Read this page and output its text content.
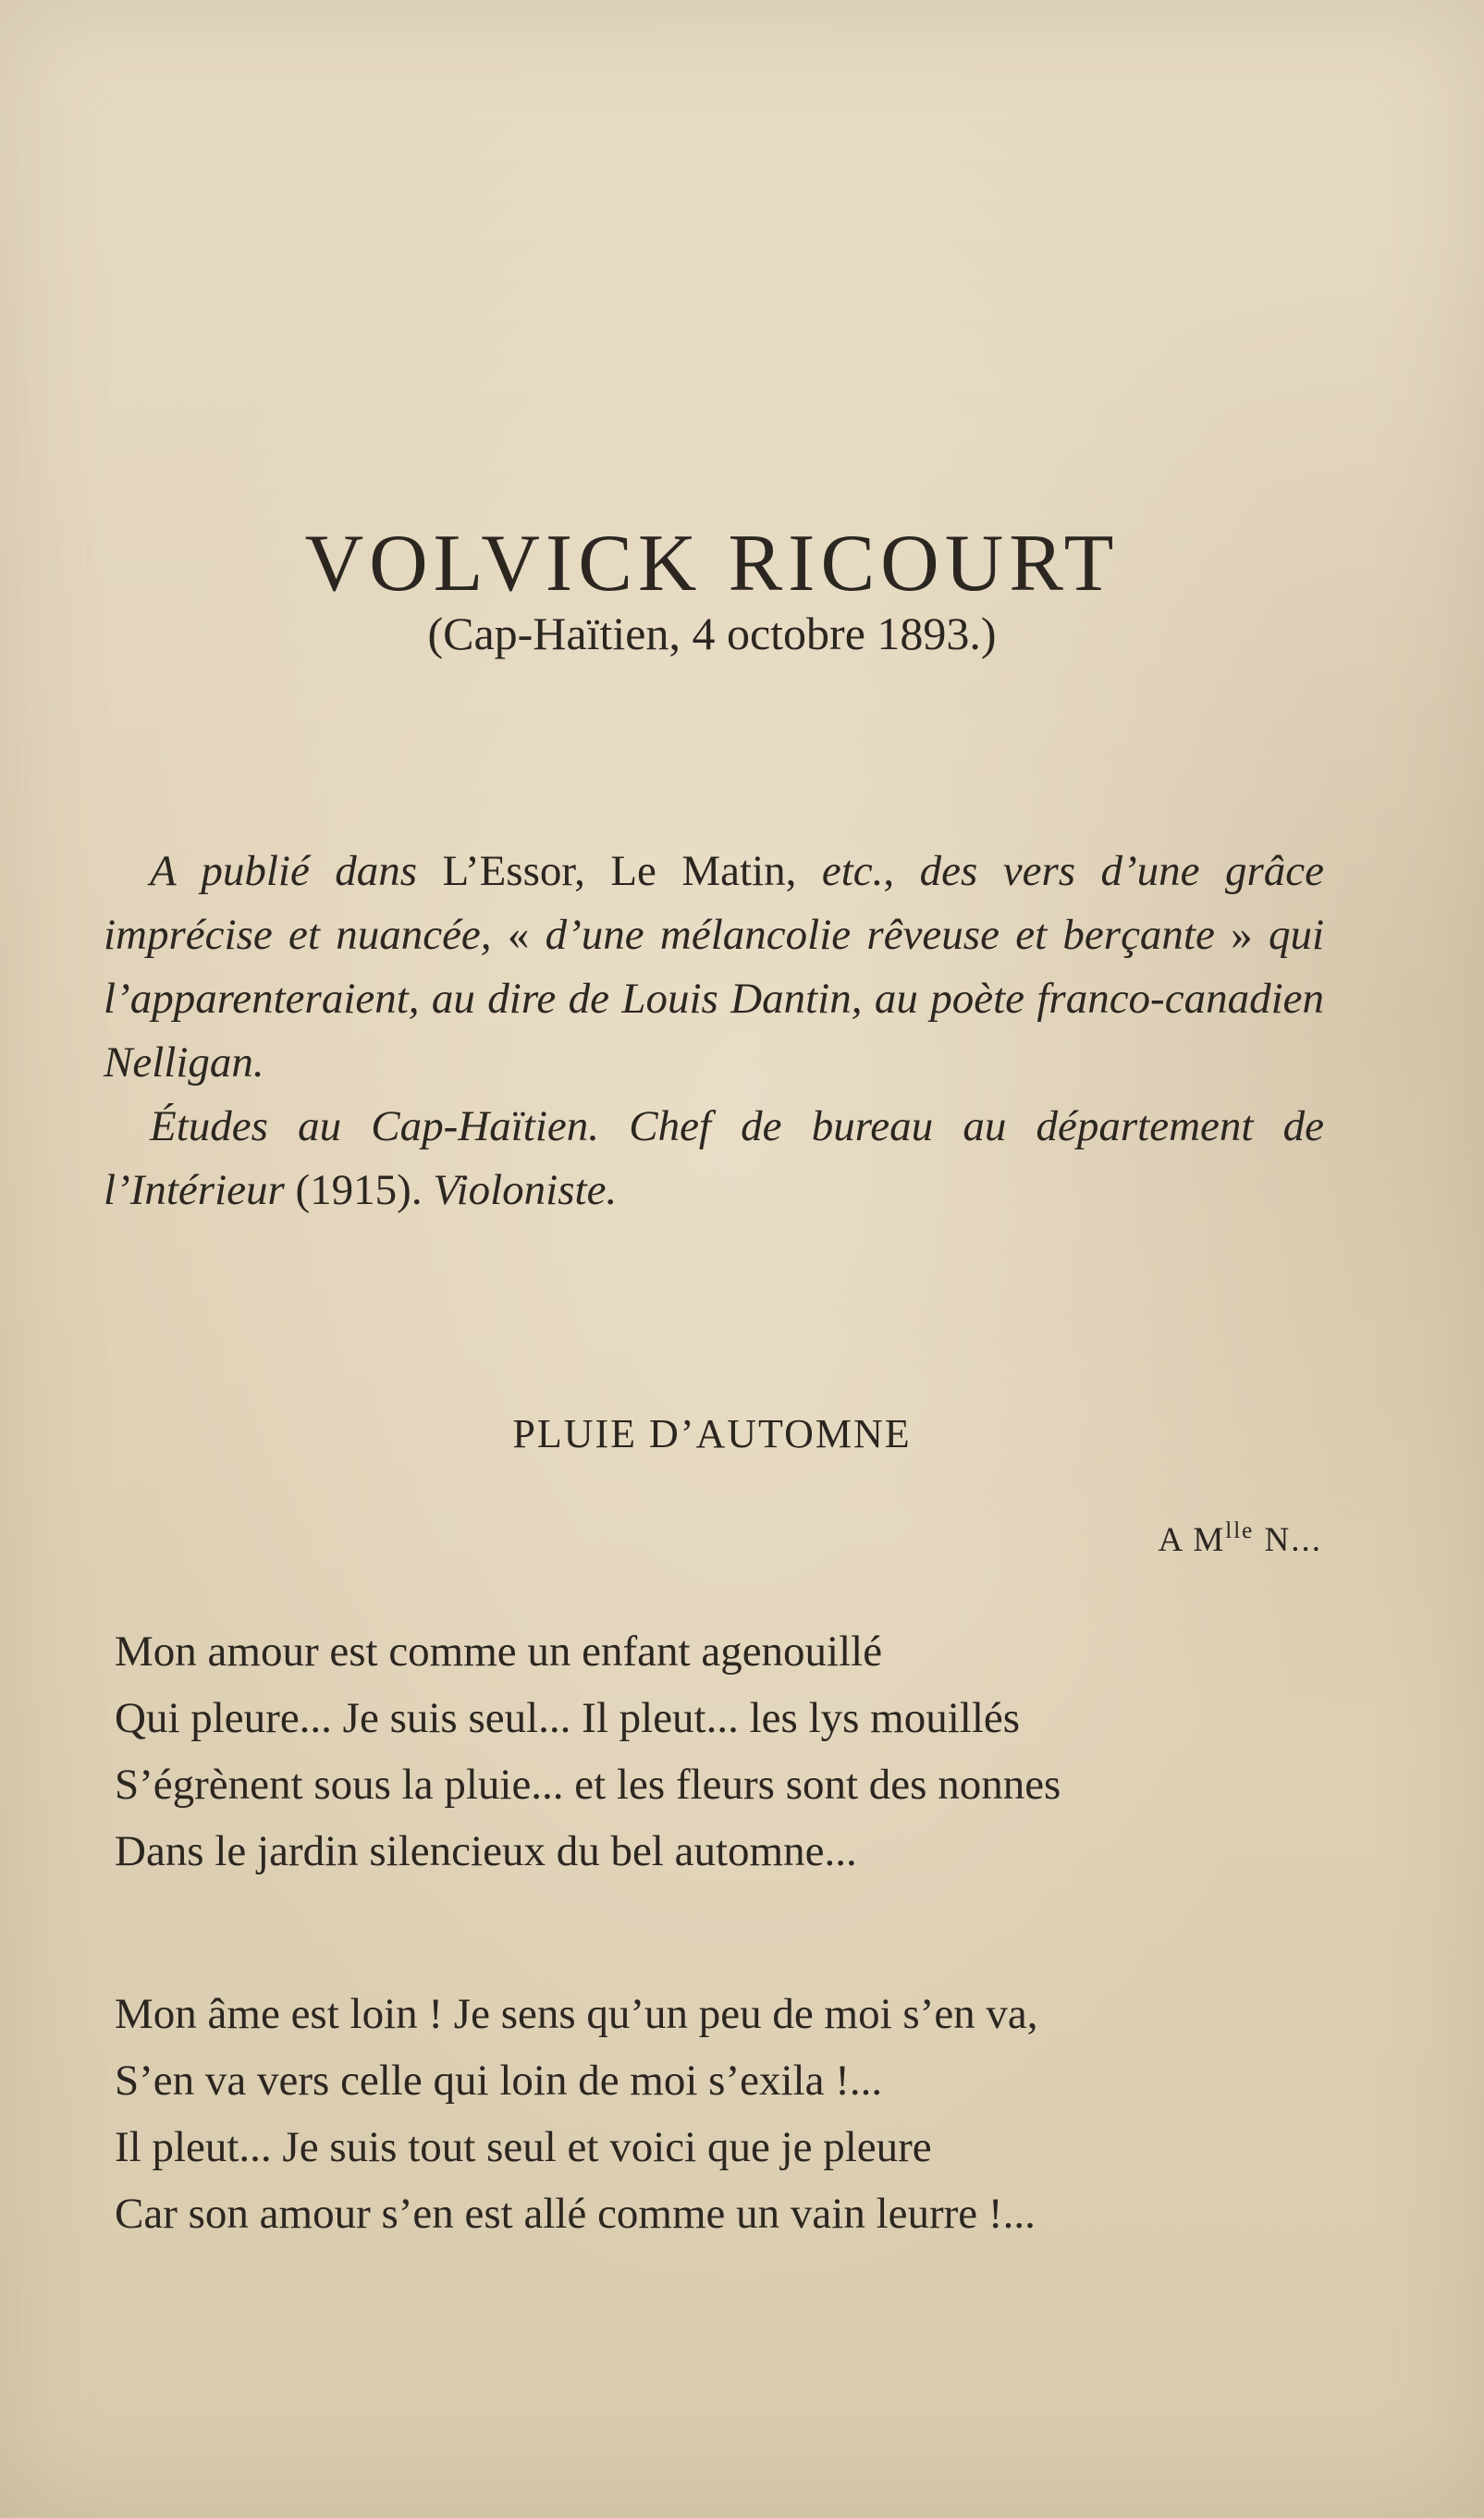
VOLVICK RICOURT
(Cap-Haïtien, 4 octobre 1893.)

A publié dans L’Essor, Le Matin, etc., des vers d’une grâce imprécise et nuancée, « d’une mélancolie rêveuse et berçante » qui l’apparenteraient, au dire de Louis Dantin, au poète franco-canadien Nelligan.

Études au Cap-Haïtien. Chef de bureau au département de l’Intérieur (1915). Violoniste.

PLUIE D’AUTOMNE
A $M^{lle}$ N...
Mon amour est comme un enfant agenouillé
Qui pleure... Je suis seul... Il pleut... les lys mouillés
S’égrènent sous la pluie... et les fleurs sont des nonnes
Dans le jardin silencieux du bel automne...
Mon âme est loin ! Je sens qu’un peu de moi s’en va,
S’en va vers celle qui loin de moi s’exila !...
Il pleut... Je suis tout seul et voici que je pleure
Car son amour s’en est allé comme un vain leurre !...
